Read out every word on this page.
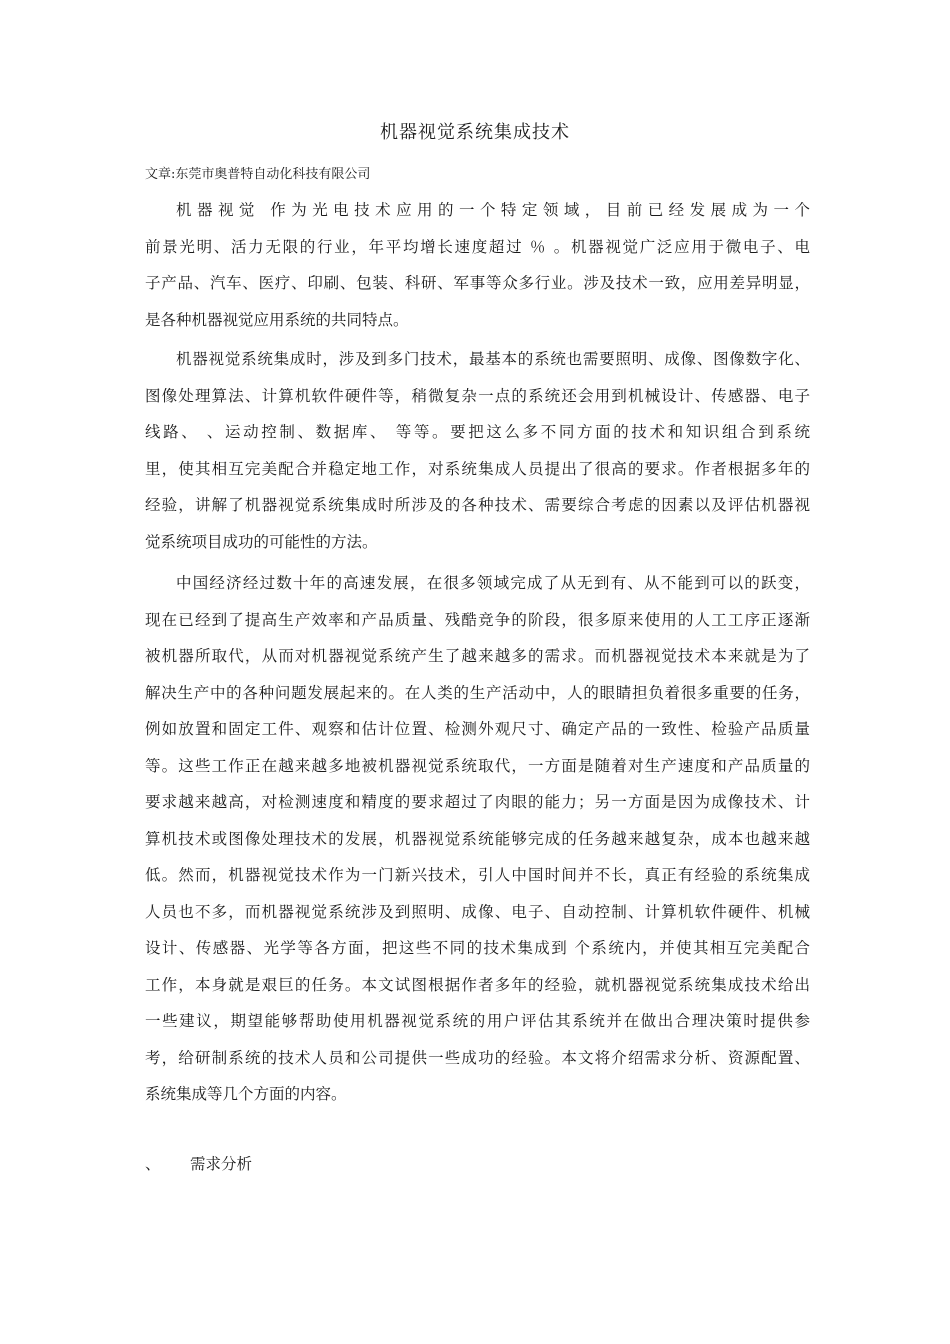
机器视觉系统集成技术
文章:东莞市奥普特自动化科技有限公司
机器视觉 作为光电技术应用的一个特定领域，目前已经发展成为一个
前景光明、活力无限的行业，年平均增长速度超过 ％ 。机器视觉广泛应用于微电子、电
子产品、汽车、医疗、印刷、包装、科研、军事等众多行业。涉及技术一致，应用差异明显，
是各种机器视觉应用系统的共同特点。
机器视觉系统集成时，涉及到多门技术，最基本的系统也需要照明、成像、图像数字化、
图像处理算法、计算机软件硬件等，稍微复杂一点的系统还会用到机械设计、传感器、电子
线路、 、运动控制、数据库、 等等。要把这么多不同方面的技术和知识组合到系统
里，使其相互完美配合并稳定地工作，对系统集成人员提出了很高的要求。作者根据多年的
经验，讲解了机器视觉系统集成时所涉及的各种技术、需要综合考虑的因素以及评估机器视
觉系统项目成功的可能性的方法。
中国经济经过数十年的高速发展，在很多领域完成了从无到有、从不能到可以的跃变，
现在已经到了提高生产效率和产品质量、残酷竞争的阶段，很多原来使用的人工工序正逐渐
被机器所取代，从而对机器视觉系统产生了越来越多的需求。而机器视觉技术本来就是为了
解决生产中的各种问题发展起来的。在人类的生产活动中，人的眼睛担负着很多重要的任务，
例如放置和固定工件、观察和估计位置、检测外观尺寸、确定产品的一致性、检验产品质量
等。这些工作正在越来越多地被机器视觉系统取代，一方面是随着对生产速度和产品质量的
要求越来越高，对检测速度和精度的要求超过了肉眼的能力；另一方面是因为成像技术、计
算机技术或图像处理技术的发展，机器视觉系统能够完成的任务越来越复杂，成本也越来越
低。然而，机器视觉技术作为一门新兴技术，引人中国时间并不长，真正有经验的系统集成
人员也不多，而机器视觉系统涉及到照明、成像、电子、自动控制、计算机软件硬件、机械
设计、传感器、光学等各方面，把这些不同的技术集成到 个系统内，并使其相互完美配合
工作，本身就是艰巨的任务。本文试图根据作者多年的经验，就机器视觉系统集成技术给出
一些建议，期望能够帮助使用机器视觉系统的用户评估其系统并在做出合理决策时提供参
考，给研制系统的技术人员和公司提供一些成功的经验。本文将介绍需求分析、资源配置、
系统集成等几个方面的内容。
、      需求分析
